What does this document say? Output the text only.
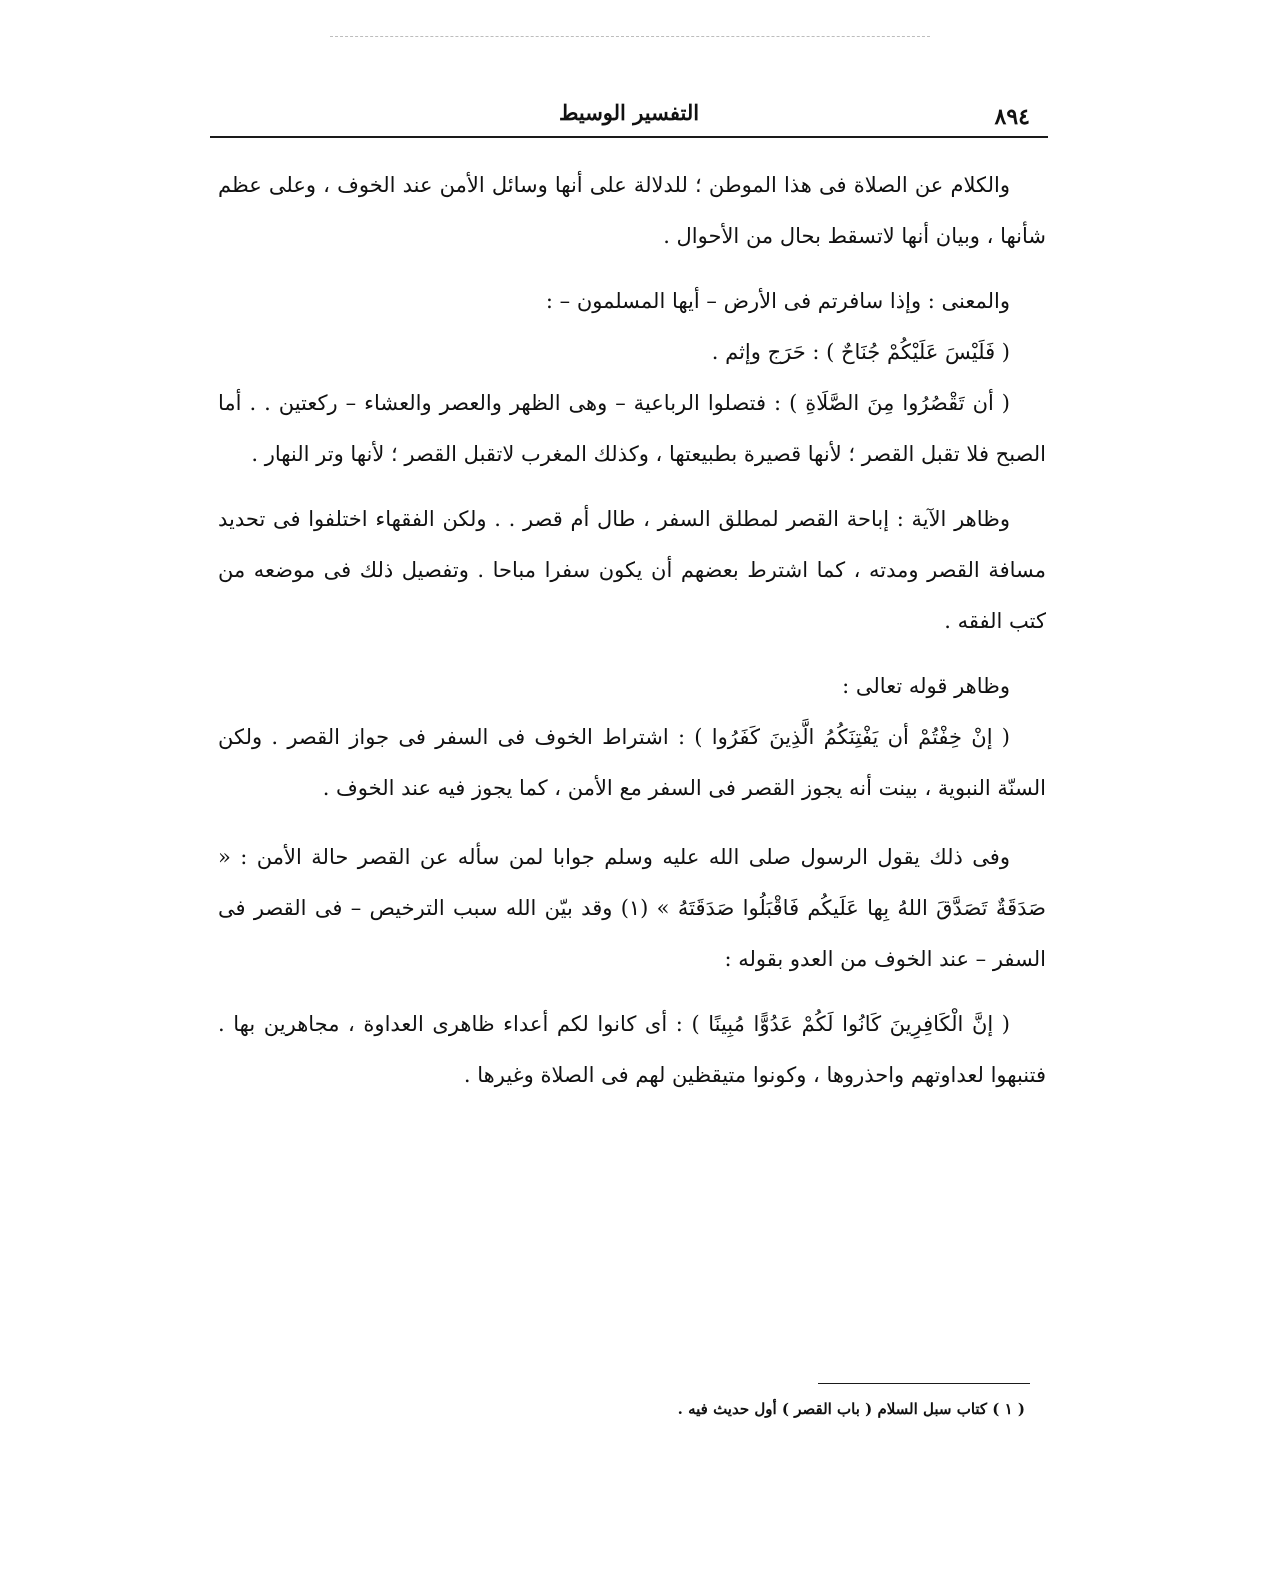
٨٩٤
التفسير الوسيط

والكلام عن الصلاة فى هذا الموطن ؛ للدلالة على أنها وسائل الأمن عند الخوف ، وعلى عظم شأنها ، وبيان أنها لاتسقط بحال من الأحوال .

والمعنى : وإذا سافرتم فى الأرض – أيها المسلمون – :

( فَلَيْسَ عَلَيْكُمْ جُنَاحٌ ) : حَرَج وإثم .

( أن تَقْصُرُوا مِنَ الصَّلَاةِ ) : فتصلوا الرباعية – وهى الظهر والعصر والعشاء – ركعتين . . أما الصبح فلا تقبل القصر ؛ لأنها قصيرة بطبيعتها ، وكذلك المغرب لاتقبل القصر ؛ لأنها وتر النهار .

وظاهر الآية : إباحة القصر لمطلق السفر ، طال أم قصر . . ولكن الفقهاء اختلفوا فى تحديد مسافة القصر ومدته ، كما اشترط بعضهم أن يكون سفرا مباحا . وتفصيل ذلك فى موضعه من كتب الفقه .

وظاهر قوله تعالى :

( إنْ خِفْتُمْ أن يَفْتِنَكُمُ الَّذِينَ كَفَرُوا ) : اشتراط الخوف فى السفر فى جواز القصر . ولكن السنّة النبوية ، بينت أنه يجوز القصر فى السفر مع الأمن ، كما يجوز فيه عند الخوف .

وفى ذلك يقول الرسول صلى الله عليه وسلم جوابا لمن سأله عن القصر حالة الأمن : « صَدَقَةٌ تَصَدَّقَ اللهُ بِها عَلَيكُم فَاقْبَلُوا صَدَقَتَهُ » (١) وقد بيّن الله سبب الترخيص – فى القصر فى السفر – عند الخوف من العدو بقوله :

( إنَّ الْكَافِرِينَ كَانُوا لَكُمْ عَدُوًّا مُبِينًا ) : أى كانوا لكم أعداء ظاهرى العداوة ، مجاهرين بها . فتنبهوا لعداوتهم واحذروها ، وكونوا متيقظين لهم فى الصلاة وغيرها .

( ١ ) كتاب سبل السلام ( باب القصر ) أول حديث فيه .
